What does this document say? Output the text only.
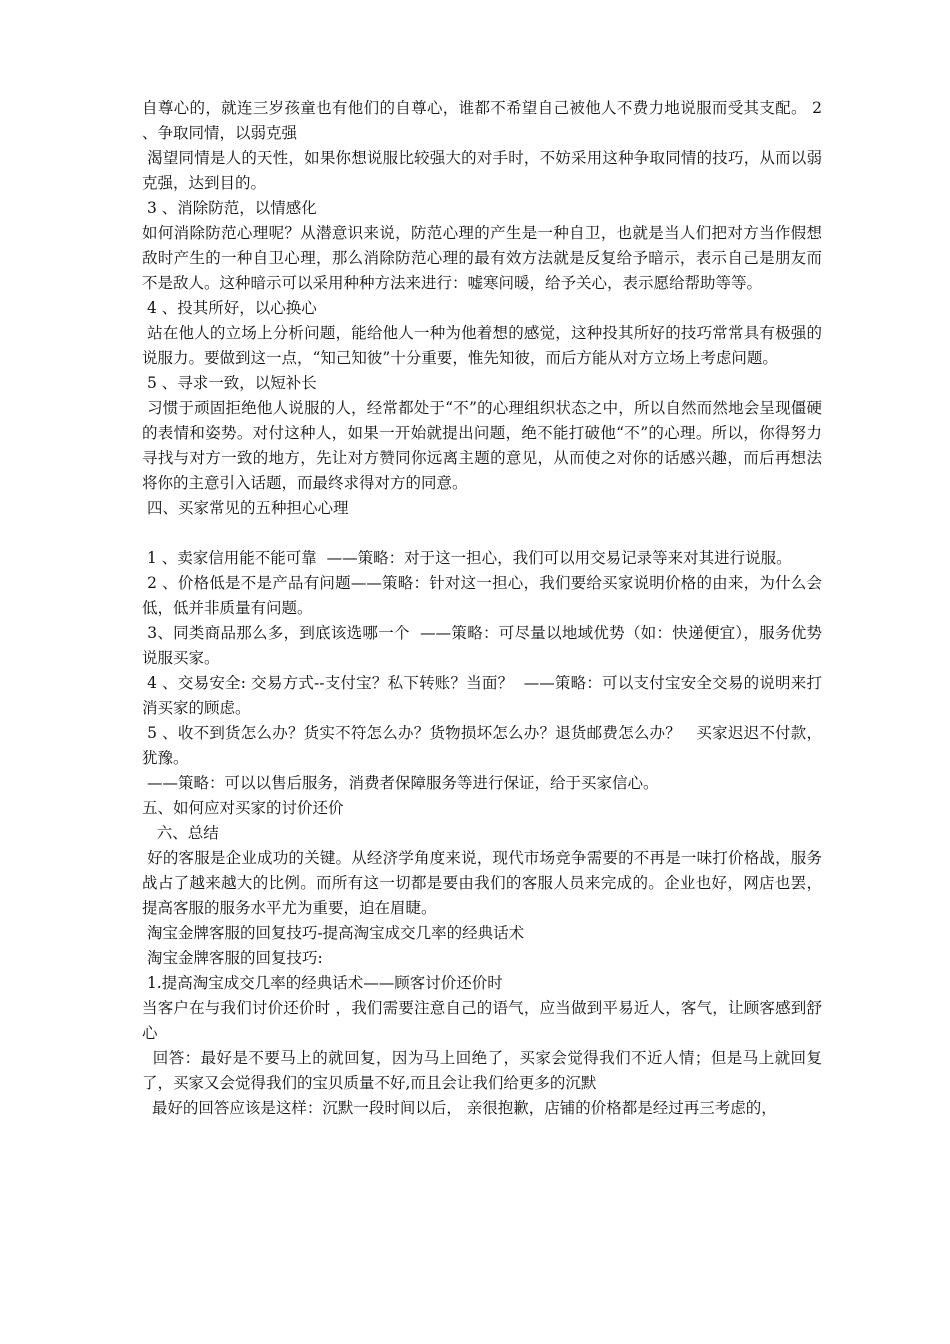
自尊心的，就连三岁孩童也有他们的自尊心，谁都不希望自己被他人不费力地说服而受其支配。 2 、争取同情，以弱克强

渴望同情是人的天性，如果你想说服比较强大的对手时，不妨采用这种争取同情的技巧，从而以弱克强，达到目的。

3 、消除防范，以情感化

如何消除防范心理呢？从潜意识来说，防范心理的产生是一种自卫，也就是当人们把对方当作假想敌时产生的一种自卫心理，那么消除防范心理的最有效方法就是反复给予暗示，表示自己是朋友而不是敌人。这种暗示可以采用种种方法来进行：嘘寒问暖，给予关心，表示愿给帮助等等。

4 、投其所好，以心换心

站在他人的立场上分析问题，能给他人一种为他着想的感觉，这种投其所好的技巧常常具有极强的说服力。要做到这一点，“知己知彼”十分重要，惟先知彼，而后方能从对方立场上考虑问题。

5 、寻求一致，以短补长

习惯于顽固拒绝他人说服的人，经常都处于“不”的心理组织状态之中，所以自然而然地会呈现僵硬的表情和姿势。对付这种人，如果一开始就提出问题，绝不能打破他“不”的心理。所以，你得努力寻找与对方一致的地方，先让对方赞同你远离主题的意见，从而使之对你的话感兴趣，而后再想法将你的主意引入话题，而最终求得对方的同意。

四、买家常见的五种担心心理

1 、卖家信用能不能可靠  ——策略：对于这一担心，我们可以用交易记录等来对其进行说服。

2 、价格低是不是产品有问题——策略：针对这一担心，我们要给买家说明价格的由来，为什么会低，低并非质量有问题。

3、同类商品那么多，到底该选哪一个  ——策略：可尽量以地域优势（如：快递便宜），服务优势说服买家。

4 、交易安全: 交易方式--支付宝？私下转账？当面？  ——策略：可以支付宝安全交易的说明来打消买家的顾虑。

5 、收不到货怎么办？货实不符怎么办？货物损坏怎么办？退货邮费怎么办？   买家迟迟不付款，犹豫。

——策略：可以以售后服务，消费者保障服务等进行保证，给于买家信心。

五、如何应对买家的讨价还价

六、总结

好的客服是企业成功的关键。从经济学角度来说，现代市场竞争需要的不再是一味打价格战，服务战占了越来越大的比例。而所有这一切都是要由我们的客服人员来完成的。企业也好，网店也罢，提高客服的服务水平尤为重要，迫在眉睫。

淘宝金牌客服的回复技巧-提高淘宝成交几率的经典话术

淘宝金牌客服的回复技巧:

1.提高淘宝成交几率的经典话术——顾客讨价还价时

当客户在与我们讨价还价时 ，我们需要注意自己的语气，应当做到平易近人，客气，让顾客感到舒心

回答：最好是不要马上的就回复，因为马上回绝了，买家会觉得我们不近人情；但是马上就回复了，买家又会觉得我们的宝贝质量不好,而且会让我们给更多的沉默

最好的回答应该是这样：沉默一段时间以后， 亲很抱歉，店铺的价格都是经过再三考虑的，
